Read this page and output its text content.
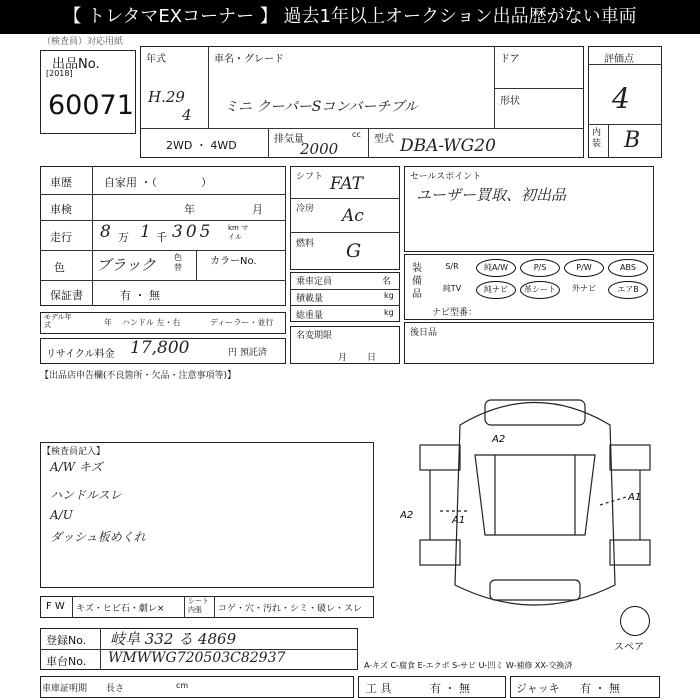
【 トレタマEXコーナー 】 過去1年以上オークション出品歴がない車両
（検査員）対応用紙
出品No.
[2018]
60071
年式
H.29
4
車名・グレード
ミニ クーパーSコンバーチブル
ドア
形状
2WD ・ 4WD	排気量	cc
2000
型式 DBA-WG20
評価点
4
内装 B
車歴	自家用 ・（　　　　）
車検	年	月
走行 8 万 1 千 305 km マイル
色 ブラック 色替
カラーNo.
保証書	有 ・ 無
モデル年式	年 ハンドル 左・右	ディーラー・並行
リサイクル料金 17,800	円 預託済
シフト FAT
冷房 Ac
燃料 G
乗車定員	名
積載量	kg
総重量	kg
名変期限
月日
セールスポイント
ユーザー買取、初出品
装備品
S/R	純A/W	P/S	P/W	ABS
純TV	純ナビ	革シート	外ナビ	エアB
ナビ型番：
後日品
【出品店申告欄(不良箇所・欠品・注意事項等)】
【検査員記入】
A/W キズ
ハンドルスレ
A/U
ダッシュ板めくれ
A2
A2	A1
A1
スペア
F W キズ・ヒビ石・劇レ×
シート内張	コゲ・穴・汚れ・シミ・破レ・スレ
登録No. 岐阜 332 る 4869
車台No. WMWWG720503C82937	A-キズ C-腐食 E-エクボ S-サビ U-凹ミ W-補修 XX-交換済
車庫証明期 長さ	cm	工 具	有 ・ 無	ジャッキ 有 ・ 無
